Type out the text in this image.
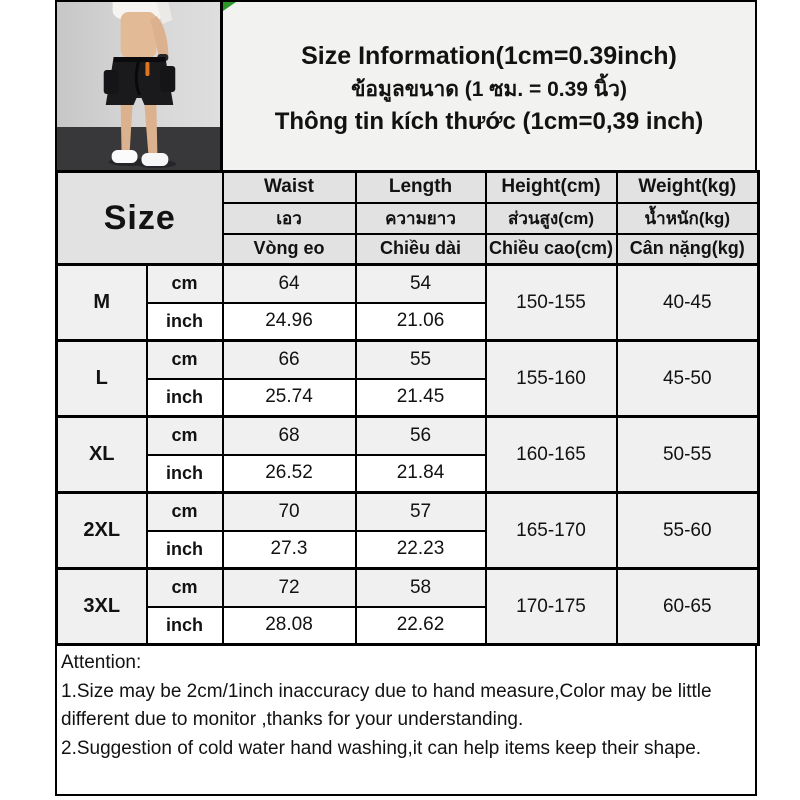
Size Information(1cm=0.39inch)
ข้อมูลขนาด (1 ซม. = 0.39 นิ้ว)
Thông tin kích thước (1cm=0,39 inch)
Size		Waist	Length	Height(cm)	Weight(kg)
		เอว	ความยาว	ส่วนสูง(cm)	น้ำหนัก(kg)
		Vòng eo	Chiều dài	Chiều cao(cm)	Cân nặng(kg)
M	cm	64	54	150-155	40-45
	inch	24.96	21.06		
L	cm	66	55	155-160	45-50
	inch	25.74	21.45		
XL	cm	68	56	160-165	50-55
	inch	26.52	21.84		
2XL	cm	70	57	165-170	55-60
	inch	27.3	22.23		
3XL	cm	72	58	170-175	60-65
	inch	28.08	22.62		

Attention:

1.Size may be 2cm/1inch inaccuracy due to hand measure,Color may be little different due to monitor ,thanks for your understanding.

2.Suggestion of cold water hand washing,it can help items keep their shape.
